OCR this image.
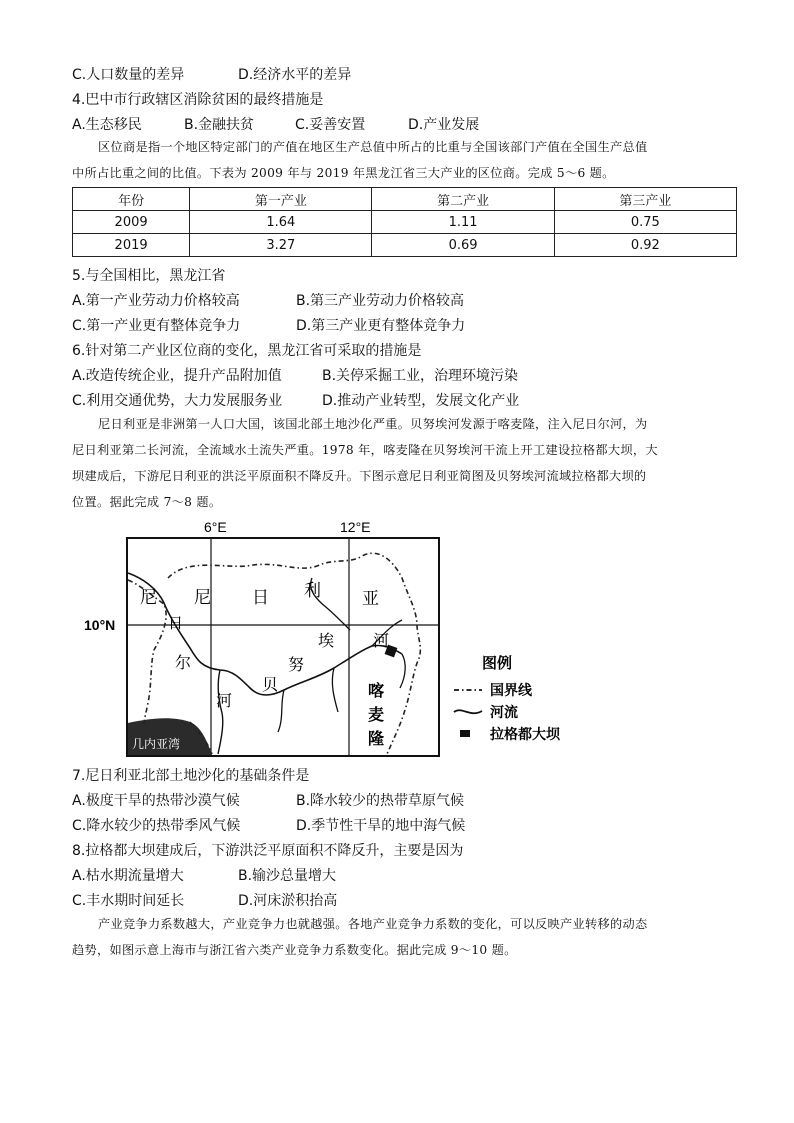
C.人口数量的差异	D.经济水平的差异
4.巴中市行政辖区消除贫困的最终措施是
A.生态移民	B.金融扶贫	C.妥善安置	D.产业发展
区位商是指一个地区特定部门的产值在地区生产总值中所占的比重与全国该部门产值在全国生产总值
中所占比重之间的比值。下表为 2009 年与 2019 年黑龙江省三大产业的区位商。完成 5～6 题。
年份	第一产业	第二产业	第三产业
2009	1.64	1.11	0.75
2019	3.27	0.69	0.92
5.与全国相比，黑龙江省
A.第一产业劳动力价格较高	B.第三产业劳动力价格较高
C.第一产业更有整体竞争力	D.第三产业更有整体竞争力
6.针对第二产业区位商的变化，黑龙江省可采取的措施是
A.改造传统企业，提升产品附加值	B.关停采掘工业，治理环境污染
C.利用交通优势，大力发展服务业	D.推动产业转型，发展文化产业
尼日利亚是非洲第一人口大国，该国北部土地沙化严重。贝努埃河发源于喀麦隆，注入尼日尔河，为
尼日利亚第二长河流，全流域水土流失严重。1978 年，喀麦隆在贝努埃河干流上开工建设拉格都大坝，大
坝建成后，下游尼日利亚的洪泛平原面积不降反升。下图示意尼日利亚简图及贝努埃河流域拉格都大坝的
位置。据此完成 7～8 题。
6°E	12°E
10°N
几内亚湾
尼 尼 日 利 亚
日
尔
河
贝
努
埃 河
喀
麦
隆
图例
国界线
河流
拉格都大坝
7.尼日利亚北部土地沙化的基础条件是
A.极度干旱的热带沙漠气候	B.降水较少的热带草原气候
C.降水较少的热带季风气候	D.季节性干旱的地中海气候
8.拉格都大坝建成后，下游洪泛平原面积不降反升，主要是因为
A.枯水期流量增大	B.输沙总量增大
C.丰水期时间延长	D.河床淤积抬高
产业竞争力系数越大，产业竞争力也就越强。各地产业竞争力系数的变化，可以反映产业转移的动态
趋势，如图示意上海市与浙江省六类产业竞争力系数变化。据此完成 9～10 题。
